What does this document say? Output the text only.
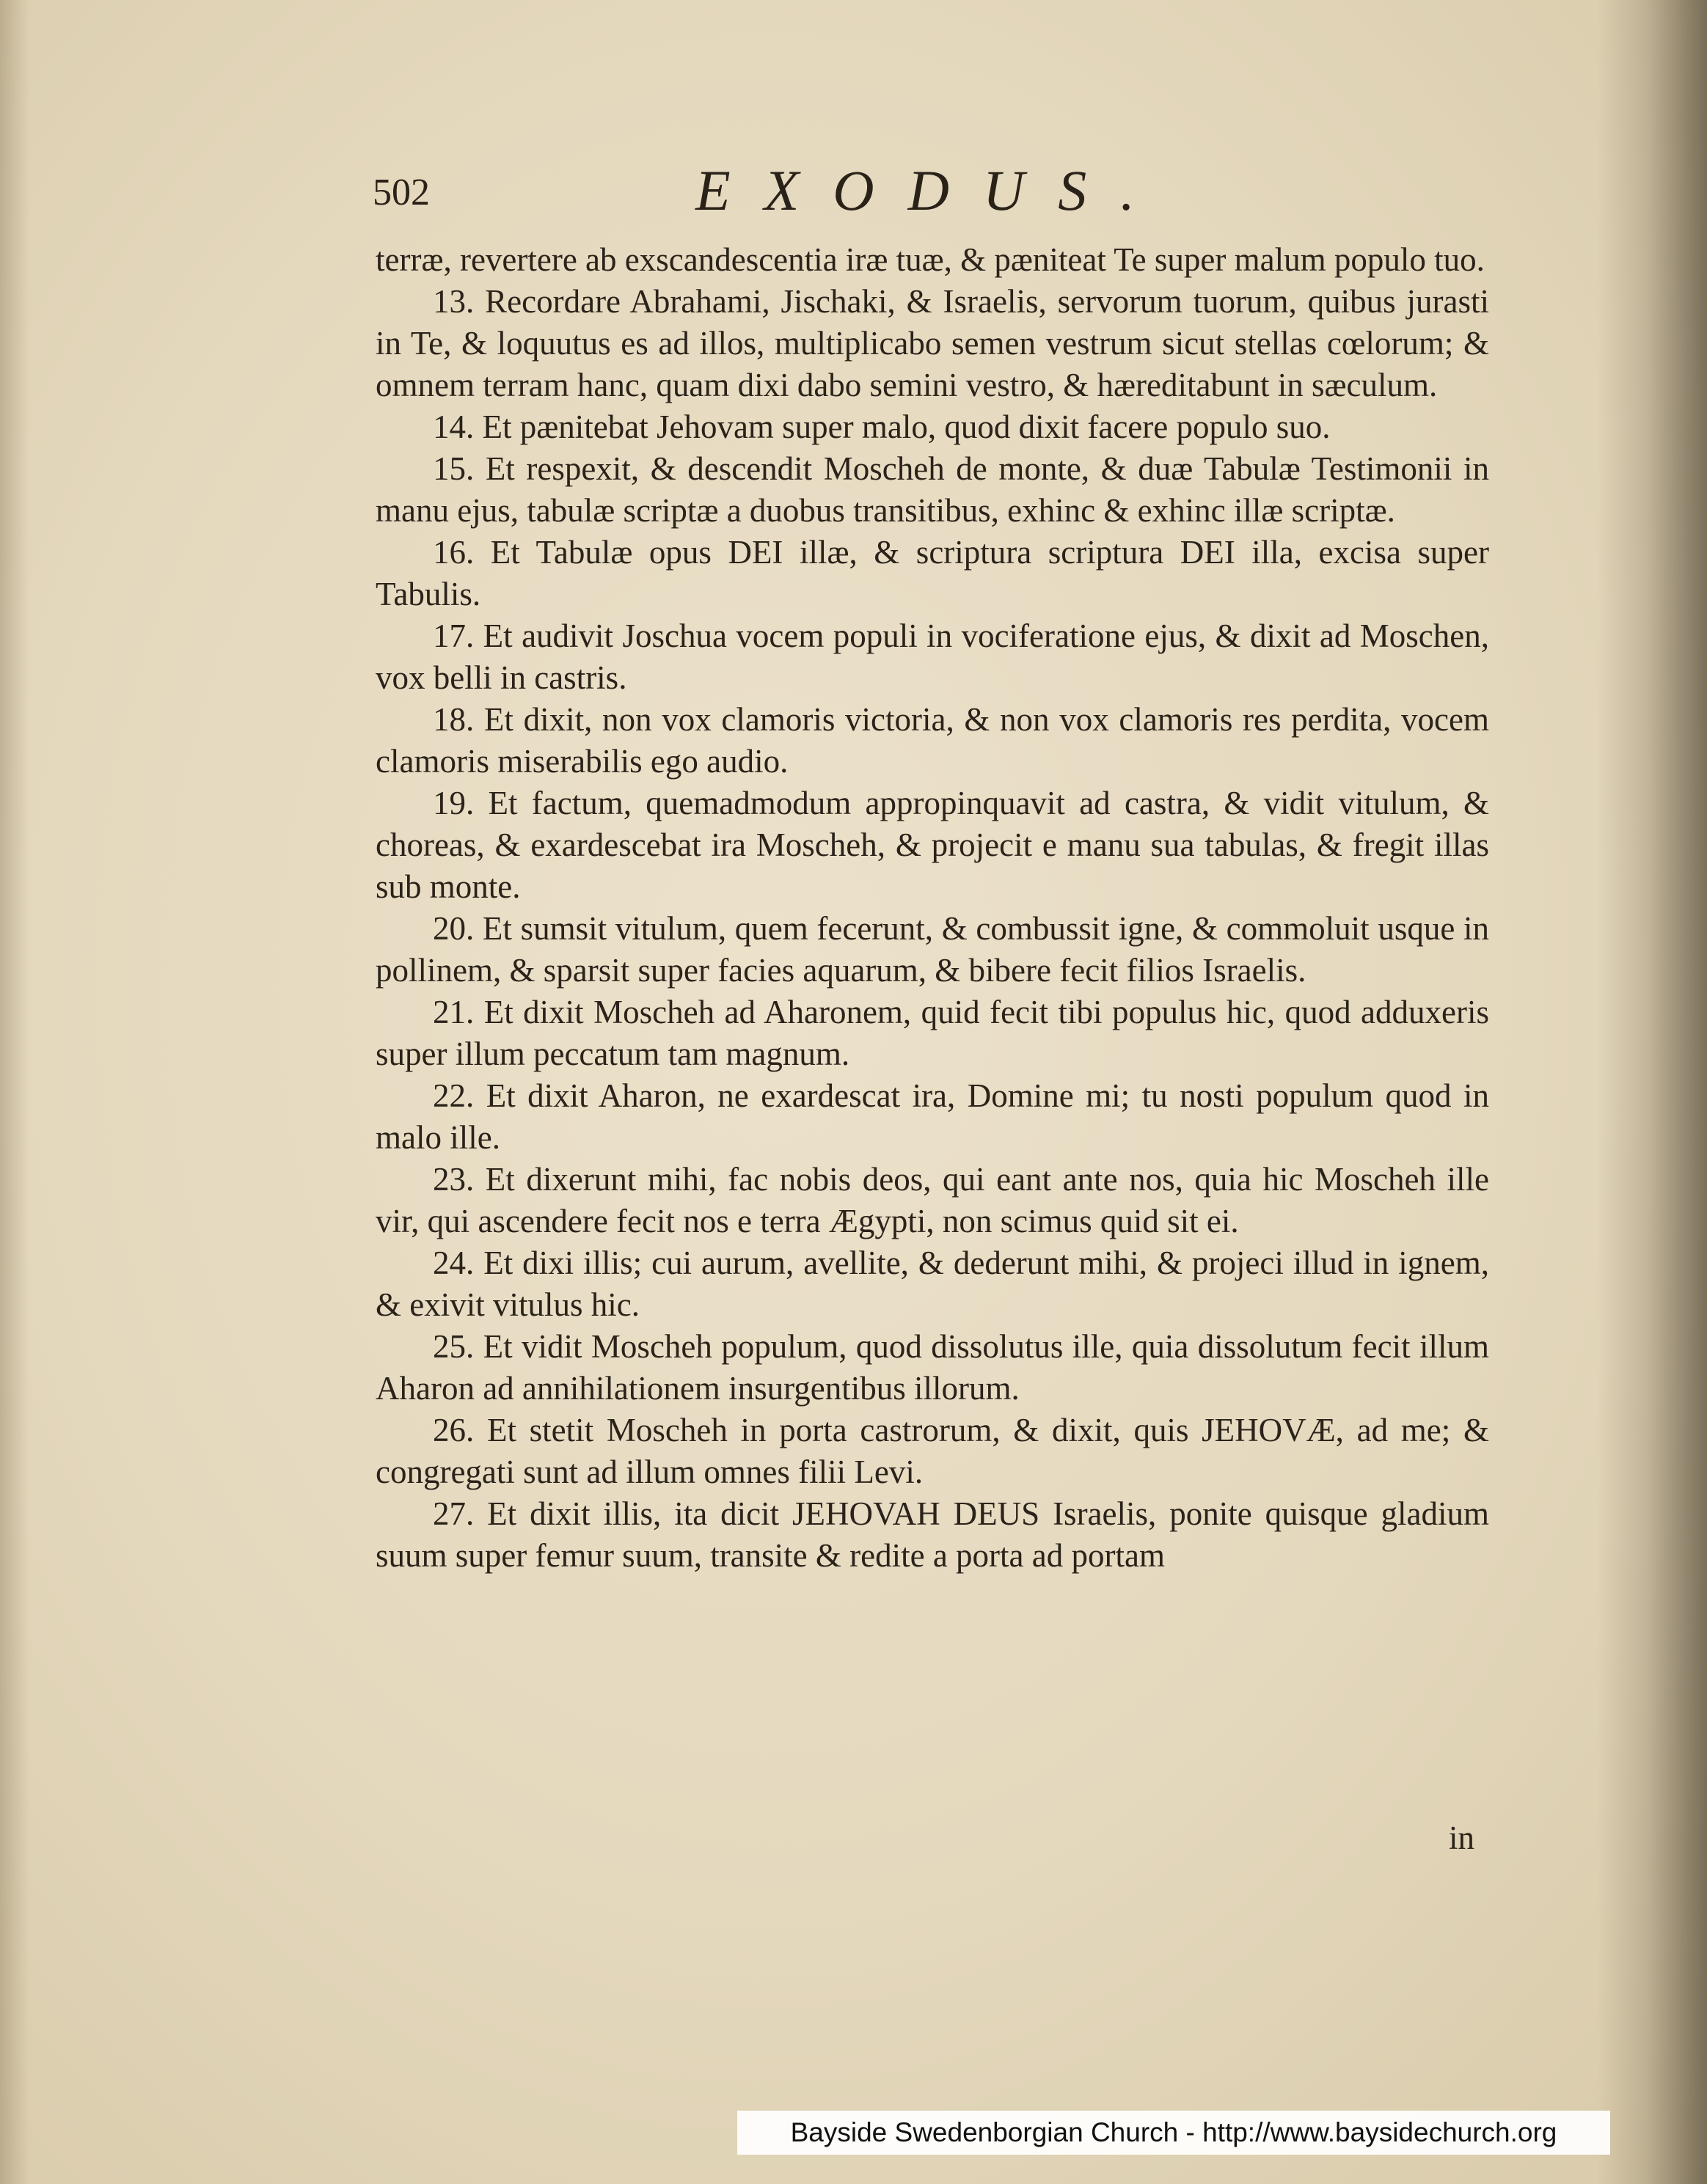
502	EXODUS.

terræ, revertere ab exscandescentia iræ tuæ, & pæniteat Te super malum populo tuo.

13. Recordare Abrahami, Jischaki, & Israelis, servorum tuorum, quibus jurasti in Te, & loquutus es ad illos, multiplicabo semen vestrum sicut stellas cœlorum; & omnem terram hanc, quam dixi dabo semini vestro, & hæreditabunt in sæculum.

14. Et pænitebat Jehovam super malo, quod dixit facere populo suo.

15. Et respexit, & descendit Moscheh de monte, & duæ Tabulæ Testimonii in manu ejus, tabulæ scriptæ a duobus transitibus, exhinc & exhinc illæ scriptæ.

16. Et Tabulæ opus DEI illæ, & scriptura scriptura DEI illa, excisa super Tabulis.

17. Et audivit Joschua vocem populi in vociferatione ejus, & dixit ad Moschen, vox belli in castris.

18. Et dixit, non vox clamoris victoria, & non vox clamoris res perdita, vocem clamoris miserabilis ego audio.

19. Et factum, quemadmodum appropinquavit ad castra, & vidit vitulum, & choreas, & exardescebat ira Moscheh, & projecit e manu sua tabulas, & fregit illas sub monte.

20. Et sumsit vitulum, quem fecerunt, & combussit igne, & commoluit usque in pollinem, & sparsit super facies aquarum, & bibere fecit filios Israelis.

21. Et dixit Moscheh ad Aharonem, quid fecit tibi populus hic, quod adduxeris super illum peccatum tam magnum.

22. Et dixit Aharon, ne exardescat ira, Domine mi; tu nosti populum quod in malo ille.

23. Et dixerunt mihi, fac nobis deos, qui eant ante nos, quia hic Moscheh ille vir, qui ascendere fecit nos e terra Ægypti, non scimus quid sit ei.

24. Et dixi illis; cui aurum, avellite, & dederunt mihi, & projeci illud in ignem, & exivit vitulus hic.

25. Et vidit Moscheh populum, quod dissolutus ille, quia dissolutum fecit illum Aharon ad annihilationem insurgentibus illorum.

26. Et stetit Moscheh in porta castrorum, & dixit, quis JEHOVÆ, ad me; & congregati sunt ad illum omnes filii Levi.

27. Et dixit illis, ita dicit JEHOVAH DEUS Israelis, ponite quisque gladium suum super femur suum, transite & redite a porta ad portam

in
Bayside Swedenborgian Church - http://www.baysidechurch.org
